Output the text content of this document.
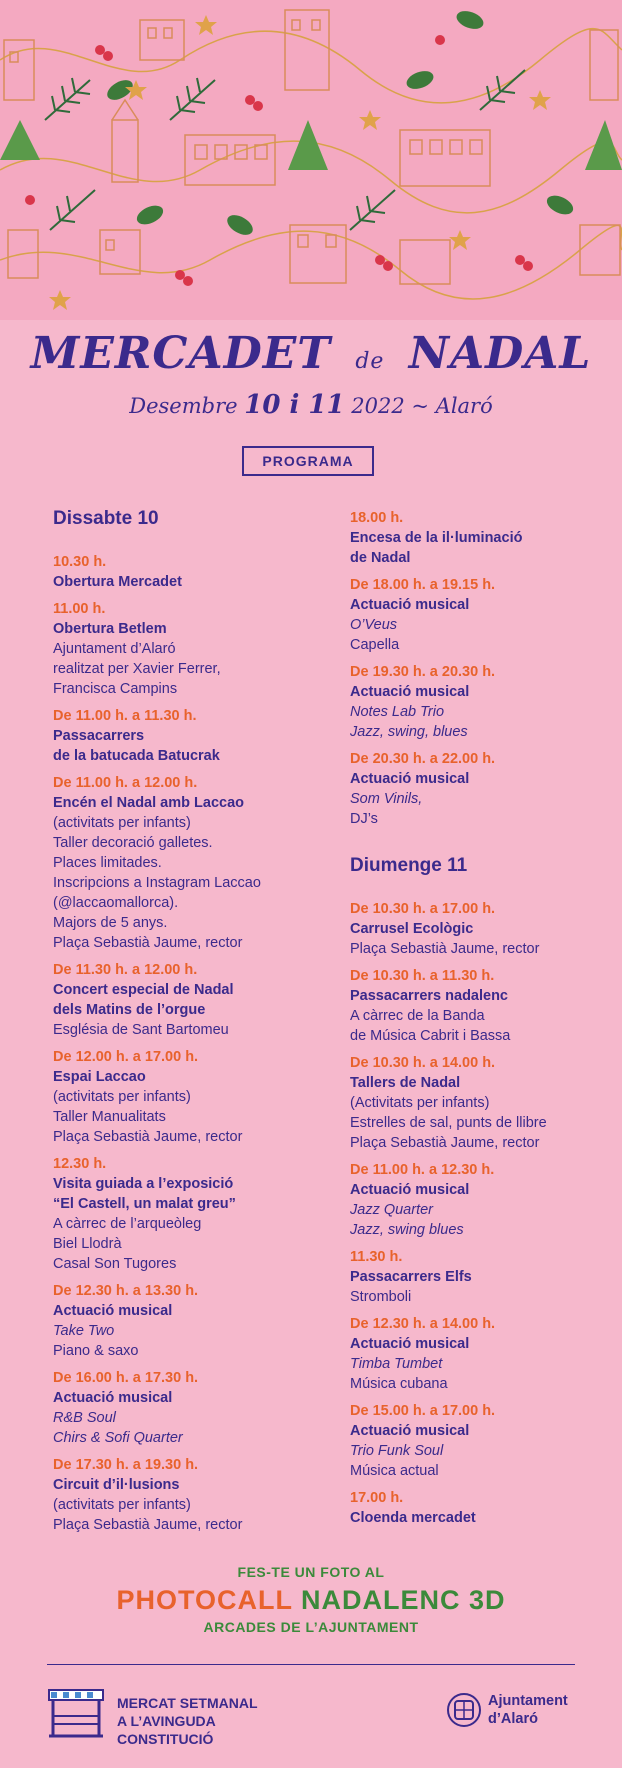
MERCADET de NADAL
Desembre 10 i 11 2022 ~ Alaró
PROGRAMA
Dissabte 10
10.30 h.
Obertura Mercadet
11.00 h.
Obertura Betlem
Ajuntament d’Alaró
realitzat per Xavier Ferrer,
Francisca Campins
De 11.00 h. a 11.30 h.
Passacarrers
de la batucada Batucrak
De 11.00 h. a 12.00 h.
Encén el Nadal amb Laccao
(activitats per infants)
Taller decoració galletes.
Places limitades.
Inscripcions a Instagram Laccao
(@laccaomallorca).
Majors de 5 anys.
Plaça Sebastià Jaume, rector
De 11.30 h. a 12.00 h.
Concert especial de Nadal
dels Matins de l’orgue
Església de Sant Bartomeu
De 12.00 h. a 17.00 h.
Espai Laccao
(activitats per infants)
Taller Manualitats
Plaça Sebastià Jaume, rector
12.30 h.
Visita guiada a l’exposició
“El Castell, un malat greu”
A càrrec de l’arqueòleg
Biel Llodrà
Casal Son Tugores
De 12.30 h. a 13.30 h.
Actuació musical
Take Two
Piano & saxo
De 16.00 h. a 17.30 h.
Actuació musical
R&B Soul
Chirs & Sofi Quarter
De 17.30 h. a 19.30 h.
Circuit d’il·lusions
(activitats per infants)
Plaça Sebastià Jaume, rector
18.00 h.
Encesa de la il·luminació
de Nadal
De 18.00 h. a 19.15 h.
Actuació musical
O’Veus
Capella
De 19.30 h. a 20.30 h.
Actuació musical
Notes Lab Trio
Jazz, swing, blues
De 20.30 h. a 22.00 h.
Actuació musical
Som Vinils,
DJ’s
Diumenge 11
De 10.30 h. a 17.00 h.
Carrusel Ecològic
Plaça Sebastià Jaume, rector
De 10.30 h. a 11.30 h.
Passacarrers nadalenc
A càrrec de la Banda
de Música Cabrit i Bassa
De 10.30 h. a 14.00 h.
Tallers de Nadal
(Activitats per infants)
Estrelles de sal, punts de llibre
Plaça Sebastià Jaume, rector
De 11.00 h. a 12.30 h.
Actuació musical
Jazz Quarter
Jazz, swing blues
11.30 h.
Passacarrers Elfs
Stromboli
De 12.30 h. a 14.00 h.
Actuació musical
Timba Tumbet
Música cubana
De 15.00 h. a 17.00 h.
Actuació musical
Trio Funk Soul
Música actual
17.00 h.
Cloenda mercadet
FES-TE UN FOTO AL
PHOTOCALL NADALENC 3D
ARCADES DE L’AJUNTAMENT
MERCAT SETMANAL
A L’AVINGUDA CONSTITUCIÓ
Ajuntament
d’Alaró
